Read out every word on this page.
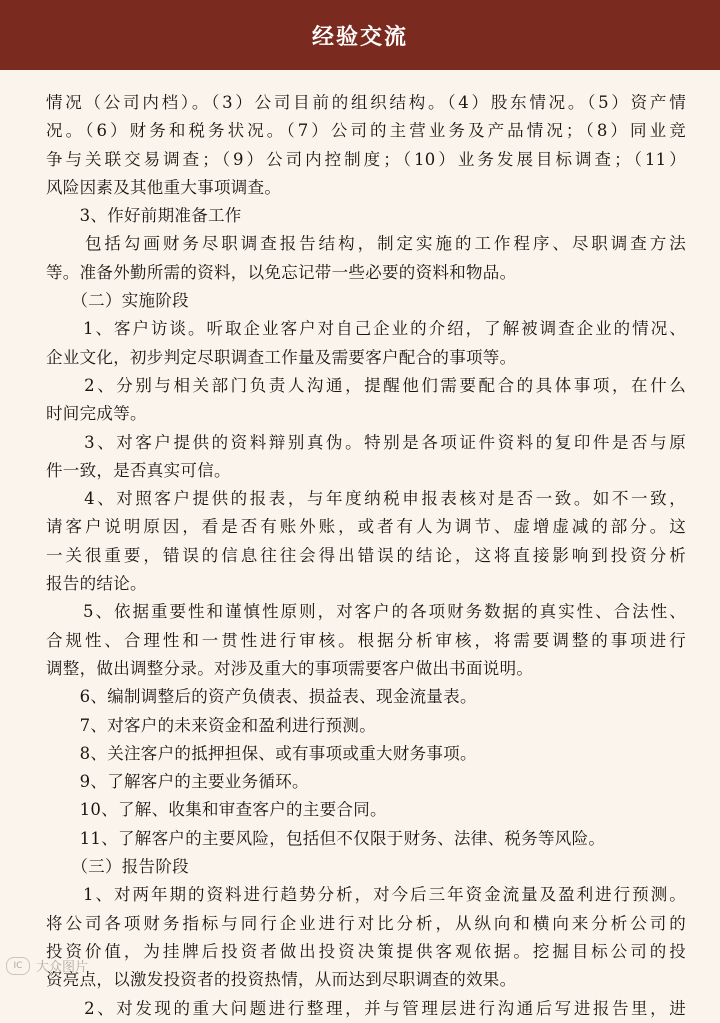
经验交流
情况（公司内档）。（3）公司目前的组织结构。（4）股东情况。（5）资产情
况。（6）财务和税务状况。（7）公司的主营业务及产品情况；（8）同业竞
争与关联交易调查；（9）公司内控制度；（10）业务发展目标调查；（11）
风险因素及其他重大事项调查。
　　3、作好前期准备工作
　　包括勾画财务尽职调查报告结构，制定实施的工作程序、尽职调查方法
等。准备外勤所需的资料，以免忘记带一些必要的资料和物品。
　　（二）实施阶段
　　1、客户访谈。听取企业客户对自己企业的介绍，了解被调查企业的情况、
企业文化，初步判定尽职调查工作量及需要客户配合的事项等。
　　2、分别与相关部门负责人沟通，提醒他们需要配合的具体事项，在什么
时间完成等。
　　3、对客户提供的资料辩别真伪。特别是各项证件资料的复印件是否与原
件一致，是否真实可信。
　　4、对照客户提供的报表，与年度纳税申报表核对是否一致。如不一致，
请客户说明原因，看是否有账外账，或者有人为调节、虚增虚减的部分。这
一关很重要，错误的信息往往会得出错误的结论，这将直接影响到投资分析
报告的结论。
　　5、依据重要性和谨慎性原则，对客户的各项财务数据的真实性、合法性、
合规性、合理性和一贯性进行审核。根据分析审核，将需要调整的事项进行
调整，做出调整分录。对涉及重大的事项需要客户做出书面说明。
　　6、编制调整后的资产负债表、损益表、现金流量表。
　　7、对客户的未来资金和盈利进行预测。
　　8、关注客户的抵押担保、或有事项或重大财务事项。
　　9、了解客户的主要业务循环。
　　10、了解、收集和审查客户的主要合同。
　　11、了解客户的主要风险，包括但不仅限于财务、法律、税务等风险。
　　（三）报告阶段
　　1、对两年期的资料进行趋势分析，对今后三年资金流量及盈利进行预测。
将公司各项财务指标与同行企业进行对比分析，从纵向和横向来分析公司的
投资价值，为挂牌后投资者做出投资决策提供客观依据。挖掘目标公司的投
资亮点，以激发投资者的投资热情，从而达到尽职调查的效果。
　　2、对发现的重大问题进行整理，并与管理层进行沟通后写进报告里，进
IC	大众图片
